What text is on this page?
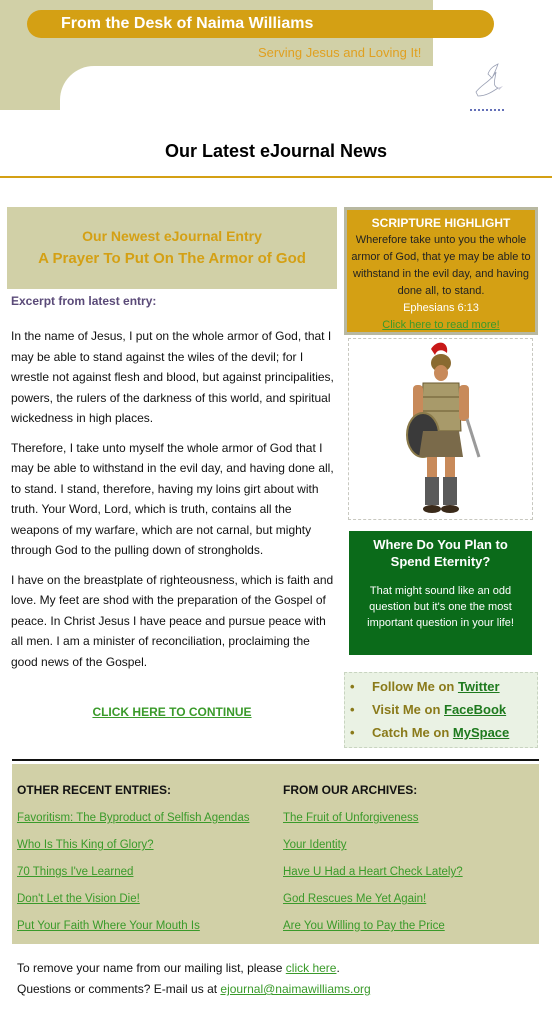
From the Desk of Naima Williams
Serving Jesus and Loving It!
Our Latest eJournal News
Our Newest eJournal Entry
A Prayer To Put On The Armor of God
Excerpt from latest entry:

In the name of Jesus, I put on the whole armor of God, that I may be able to stand against the wiles of the devil; for I wrestle not against flesh and blood, but against principalities, powers, the rulers of the darkness of this world, and spiritual wickedness in high places.

Therefore, I take unto myself the whole armor of God that I may be able to withstand in the evil day, and having done all, to stand. I stand, therefore, having my loins girt about with truth. Your Word, Lord, which is truth, contains all the weapons of my warfare, which are not carnal, but mighty through God to the pulling down of strongholds.

I have on the breastplate of righteousness, which is faith and love. My feet are shod with the preparation of the Gospel of peace. In Christ Jesus I have peace and pursue peace with all men. I am a minister of reconciliation, proclaiming the good news of the Gospel.

CLICK HERE TO CONTINUE
SCRIPTURE HIGHLIGHT
Wherefore take unto you the whole armor of God, that ye may be able to withstand in the evil day, and having done all, to stand.
Ephesians 6:13
Click here to read more!
Where Do You Plan to Spend Eternity?
That might sound like an odd question but it's one the most important question in your life!
• Follow Me on Twitter
• Visit Me on FaceBook
• Catch Me on MySpace
OTHER RECENT ENTRIES:
Favoritism: The Byproduct of Selfish Agendas
Who Is This King of Glory?
70 Things I've Learned
Don't Let the Vision Die!
Put Your Faith Where Your Mouth Is
FROM OUR ARCHIVES:
The Fruit of Unforgiveness
Your Identity
Have U Had a Heart Check Lately?
God Rescues Me Yet Again!
Are You Willing to Pay the Price
To remove your name from our mailing list, please click here.
Questions or comments? E-mail us at ejournal@naimawilliams.org
